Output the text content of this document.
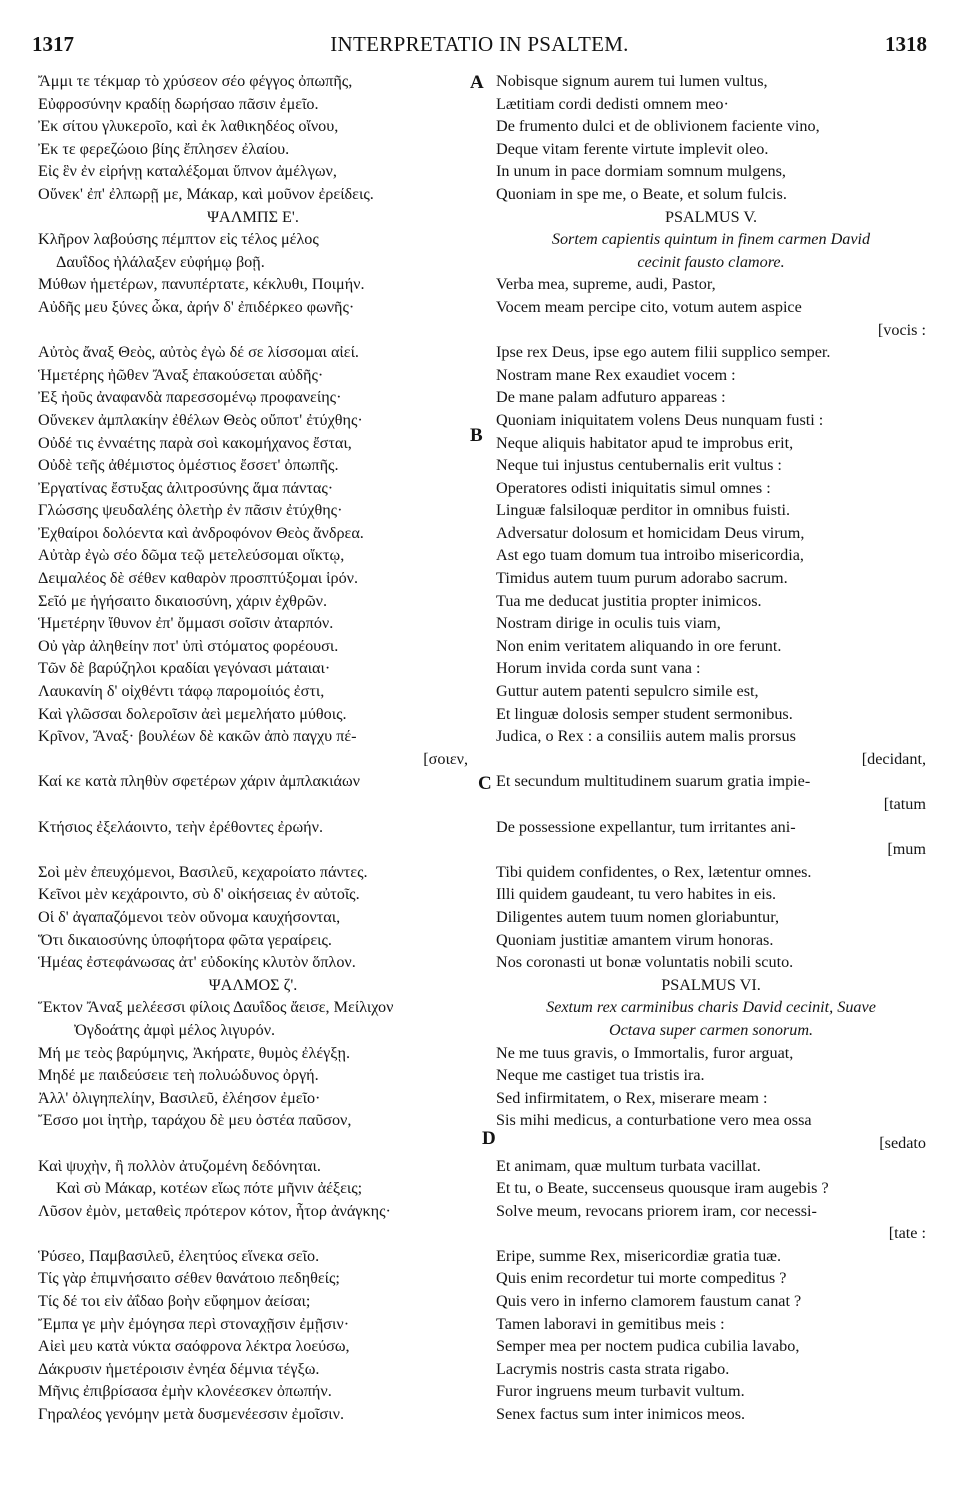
1317	INTERPRETATIO IN PSALTEM.	1318
Ἄμμι τε τέκμαρ τὸ χρύσεον σέο φέγγος ὀπωπῆς,
Εὐφροσύνην κραδίῃ δωρήσαο πᾶσιν ἐμεῖο.
Ἐκ σίτου γλυκεροῖο, καὶ ἐκ λαθικηδέος οἴνου,
Ἐκ τε φερεζώοιο βίης ἔπλησεν ἐλαίου.
Εἰς ἓν ἐν εἰρήνῃ καταλέξομαι ὕπνον ἀμέλγων,
Οὕνεκ' ἐπ' ἐλπωρῇ με, Μάκαρ, καὶ μοῦνον ἐρείδεις.
ΨΑΛΜΠΣ Ε'.
Κλῆρον λαβούσης πέμπτον εἰς τέλος μέλος
Δαυΐδος ἠλάλαξεν εὐφήμῳ βοῇ.
Μύθων ἡμετέρων, πανυπέρτατε, κέκλυθι, Ποιμήν.
Αὐδῆς μευ ξύνες ὦκα, ἀρήν δ' ἐπιδέρκεο φωνῆς·
Αὐτὸς ἄναξ Θεὸς, αὐτὸς ἐγὼ δέ σε λίσσομαι αἰεί.
Ἡμετέρης ἠῶθεν Ἄναξ ἐπακούσεται αὐδῆς·
Ἐξ ἠοῦς ἀναφανδὰ παρεσσομένῳ προφανείης·
Οὕνεκεν ἀμπλακίην ἐθέλων Θεὸς οὔποτ' ἐτύχθης·
Οὐδέ τις ἐνναέτης παρὰ σοὶ κακομήχανος ἔσται,
Οὐδὲ τεῆς ἀθέμιστος ὁμέστιος ἔσσετ' ὀπωπῆς.
Ἐργατίνας ἔστυξας ἀλιτροσύνης ἅμα πάντας·
Γλώσσης ψευδαλέης ὀλετὴρ ἐν πᾶσιν ἐτύχθης·
Ἐχθαίροι δολόεντα καὶ ἀνδροφόνον Θεὸς ἄνδρεα.
Αὐτὰρ ἐγὼ σέο δῶμα τεῷ μετελεύσομαι οἴκτῳ,
Δειμαλέος δὲ σέθεν καθαρὸν προσπτύξομαι ἱρόν.
Σεῖό με ἡγήσαιτο δικαιοσύνη, χάριν ἐχθρῶν.
Ἡμετέρην ἴθυνον ἐπ' ὄμμασι σοῖσιν ἀταρπόν.
Οὐ γὰρ ἀληθείην ποτ' ὑπὶ στόματος φορέουσι.
Τῶν δὲ βαρύζηλοι κραδίαι γεγόνασι μάταιαι·
Λαυκανίη δ' οἰχθέντι τάφῳ παρομοίιός ἐστι,
Καὶ γλῶσσαι δολεροῖσιν ἀεὶ μεμελήατο μύθοις.
Κρῖνον, Ἄναξ· βουλέων δὲ κακῶν ἀπὸ παγχυ πέ-
[σοιεν,
Καί κε κατὰ πληθὺν σφετέρων χάριν ἀμπλακιάων
Κτήσιος ἐξελάοιντο, τεὴν ἐρέθοντες ἐρωήν.
Σοὶ μὲν ἐπευχόμενοι, Βασιλεῦ, κεχαροίατο πάντες.
Κεῖνοι μὲν κεχάροιντο, σὺ δ' οἰκήσειας ἐν αὐτοῖς.
Οἱ δ' ἀγαπαζόμενοι τεὸν οὔνομα καυχήσονται,
Ὅτι δικαιοσύνης ὑποφήτορα φῶτα γεραίρεις.
Ἡμέας ἐστεφάνωσας ἀτ' εὐδοκίης κλυτὸν ὅπλον.
ΨΑΛΜΟΣ ζ'.
Ἕκτον Ἄναξ μελέεσσι φίλοις Δαυΐδος ἄεισε, Μείλιχον
Ὀγδοάτης ἀμφὶ μέλος λιγυρόν.
Μή με τεὸς βαρύμηνις, Ἀκήρατε, θυμὸς ἐλέγξῃ.
Μηδέ με παιδεύσειε τεὴ πολυώδυνος ὀργή.
Ἀλλ' ὀλιγηπελίην, Βασιλεῦ, ἐλέησον ἐμεῖο·
Ἔσσο μοι ἰητὴρ, ταράχου δὲ μευ ὀστέα παῦσον,
Καὶ ψυχὴν, ἢ πολλὸν ἀτυζομένη δεδόνηται.
Καὶ σὺ Μάκαρ, κοτέων εἴως πότε μῆνιν ἀέξεις;
Λῦσον ἐμὸν, μεταθεὶς πρότερον κότον, ἦτορ ἀνάγκης·
Ῥύσεο, Παμβασιλεῦ, ἐλεητύος εἵνεκα σεῖο.
Τίς γὰρ ἐπιμνήσαιτο σέθεν θανάτοιο πεδηθείς;
Τίς δέ τοι εἰν ἀΐδαο βοὴν εὔφημον ἀείσαι;
Ἔμπα γε μὴν ἐμόγησα περὶ στοναχῇσιν ἐμῇσιν·
Αἰεὶ μευ κατὰ νύκτα σαόφρονα λέκτρα λοεύσω,
Δάκρυσιν ἡμετέροισιν ἐνηέα δέμνια τέγξω.
Μῆνις ἐπιβρίσασα ἐμὴν κλονέεσκεν ὀπωπήν.
Γηραλέος γενόμην μετὰ δυσμενέεσσιν ἐμοῖσιν.
A
B
C
D
Nobisque signum aurem tui lumen vultus,
Lætitiam cordi dedisti omnem meo·
De frumento dulci et de oblivionem faciente vino,
Deque vitam ferente virtute implevit oleo.
In unum in pace dormiam somnum mulgens,
Quoniam in spe me, o Beate, et solum fulcis.
PSALMUS V.
Sortem capientis quintum in finem carmen David
cecinit fausto clamore.
Verba mea, supreme, audi, Pastor,
Vocem meam percipe cito, votum autem aspice
[vocis :
Ipse rex Deus, ipse ego autem filii supplico semper.
Nostram mane Rex exaudiet vocem :
De mane palam adfuturo appareas :
Quoniam iniquitatem volens Deus nunquam fusti :
Neque aliquis habitator apud te improbus erit,
Neque tui injustus centubernalis erit vultus :
Operatores odisti iniquitatis simul omnes :
Linguæ falsiloquæ perditor in omnibus fuisti.
Adversatur dolosum et homicidam Deus virum,
Ast ego tuam domum tua introibo misericordia,
Timidus autem tuum purum adorabo sacrum.
Tua me deducat justitia propter inimicos.
Nostram dirige in oculis tuis viam,
Non enim veritatem aliquando in ore ferunt.
Horum invida corda sunt vana :
Guttur autem patenti sepulcro simile est,
Et linguæ dolosis semper student sermonibus.
Judica, o Rex : a consiliis autem malis prorsus
[decidant,
Et secundum multitudinem suarum gratia impie-
[tatum
De possessione expellantur, tum irritantes ani-
[mum
Tibi quidem confidentes, o Rex, lætentur omnes.
Illi quidem gaudeant, tu vero habites in eis.
Diligentes autem tuum nomen gloriabuntur,
Quoniam justitiæ amantem virum honoras.
Nos coronasti ut bonæ voluntatis nobili scuto.
PSALMUS VI.
Sextum rex carminibus charis David cecinit, Suave
Octava super carmen sonorum.
Ne me tuus gravis, o Immortalis, furor arguat,
Neque me castiget tua tristis ira.
Sed infirmitatem, o Rex, miserare meam :
Sis mihi medicus, a conturbatione vero mea ossa
[sedato
Et animam, quæ multum turbata vacillat.
Et tu, o Beate, succenseus quousque iram augebis ?
Solve meum, revocans priorem iram, cor necessi-
[tate :
Eripe, summe Rex, misericordiæ gratia tuæ.
Quis enim recordetur tui morte compeditus ?
Quis vero in inferno clamorem faustum canat ?
Tamen laboravi in gemitibus meis :
Semper mea per noctem pudica cubilia lavabo,
Lacrymis nostris casta strata rigabo.
Furor ingruens meum turbavit vultum.
Senex factus sum inter inimicos meos.
